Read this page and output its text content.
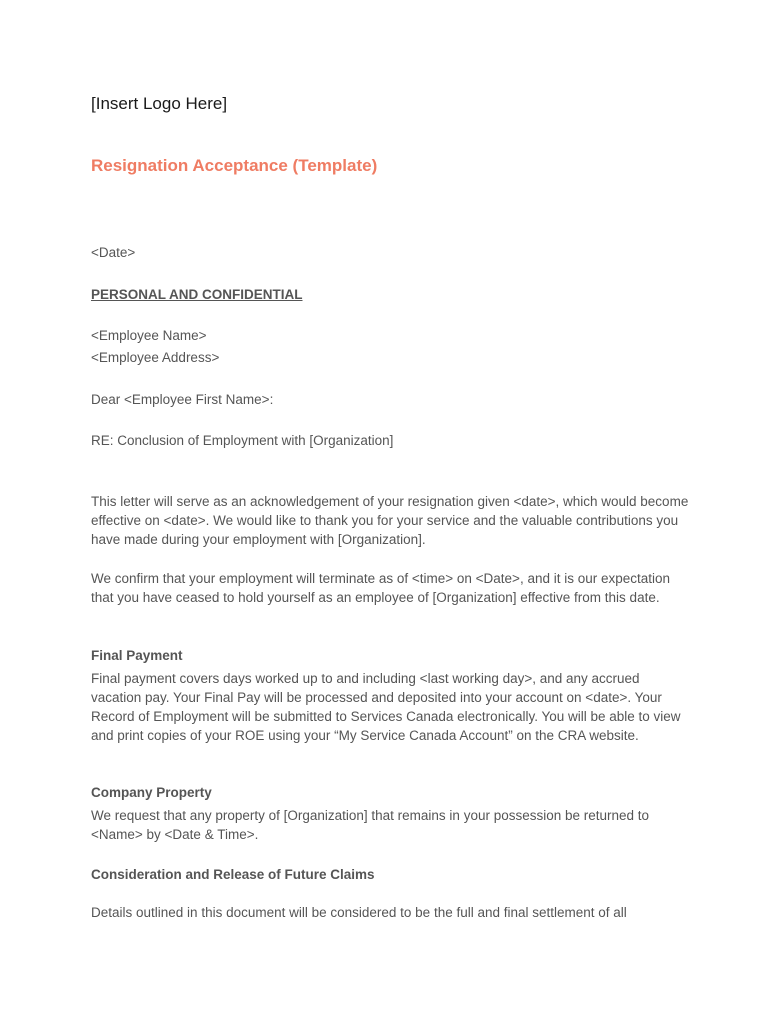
[Insert Logo Here]
Resignation Acceptance (Template)
<Date>
PERSONAL AND CONFIDENTIAL
<Employee Name>
<Employee Address>
Dear <Employee First Name>:
RE: Conclusion of Employment with [Organization]
This letter will serve as an acknowledgement of your resignation given <date>, which would become effective on <date>. We would like to thank you for your service and the valuable contributions you have made during your employment with [Organization].
We confirm that your employment will terminate as of <time> on <Date>, and it is our expectation that you have ceased to hold yourself as an employee of [Organization] effective from this date.
Final Payment
Final payment covers days worked up to and including <last working day>, and any accrued vacation pay. Your Final Pay will be processed and deposited into your account on <date>. Your Record of Employment will be submitted to Services Canada electronically. You will be able to view and print copies of your ROE using your “My Service Canada Account” on the CRA website.
Company Property
We request that any property of [Organization] that remains in your possession be returned to <Name> by <Date & Time>.
Consideration and Release of Future Claims
Details outlined in this document will be considered to be the full and final settlement of all
